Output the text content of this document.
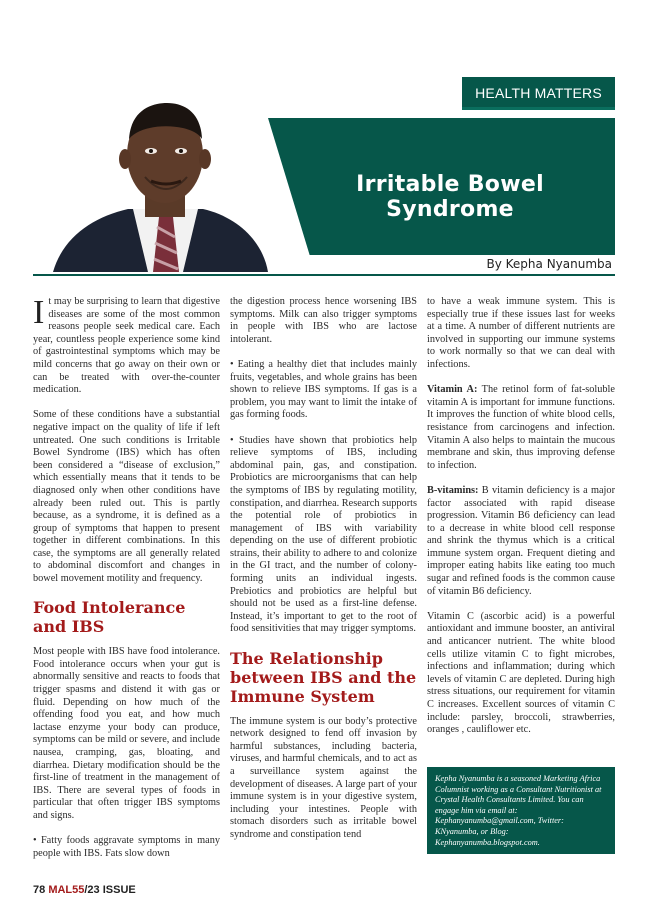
HEALTH MATTERS
Irritable Bowel Syndrome
By Kepha Nyanumba

It may be surprising to learn that digestive diseases are some of the most common reasons people seek medical care. Each year, countless people experience some kind of gastrointestinal symptoms which may be mild concerns that go away on their own or can be treated with over-the-counter medication.

Some of these conditions have a substantial negative impact on the quality of life if left untreated. One such conditions is Irritable Bowel Syndrome (IBS) which has often been considered a “disease of exclusion,” which essentially means that it tends to be diagnosed only when other conditions have already been ruled out. This is partly because, as a syndrome, it is defined as a group of symptoms that happen to present together in different combinations. In this case, the symptoms are all generally related to abdominal discomfort and changes in bowel movement motility and frequency.

Food Intolerance and IBS

Most people with IBS have food intolerance. Food intolerance occurs when your gut is abnormally sensitive and reacts to foods that trigger spasms and distend it with gas or fluid. Depending on how much of the offending food you eat, and how much lactase enzyme your body can produce, symptoms can be mild or severe, and include nausea, cramping, gas, bloating, and diarrhea. Dietary modification should be the first-line of treatment in the management of IBS. There are several types of foods in particular that often trigger IBS symptoms and signs.

• Fatty foods aggravate symptoms in many people with IBS. Fats slow down

the digestion process hence worsening IBS symptoms. Milk can also trigger symptoms in people with IBS who are lactose intolerant.

• Eating a healthy diet that includes mainly fruits, vegetables, and whole grains has been shown to relieve IBS symptoms. If gas is a problem, you may want to limit the intake of gas forming foods.

• Studies have shown that probiotics help relieve symptoms of IBS, including abdominal pain, gas, and constipation. Probiotics are microorganisms that can help the symptoms of IBS by regulating motility, constipation, and diarrhea. Research supports the potential role of probiotics in management of IBS with variability depending on the use of different probiotic strains, their ability to adhere to and colonize in the GI tract, and the number of colony-forming units an individual ingests. Prebiotics and probiotics are helpful but should not be used as a first-line defense. Instead, it’s important to get to the root of food sensitivities that may trigger symptoms.

The Relationship between IBS and the Immune System

The immune system is our body’s protective network designed to fend off invasion by harmful substances, including bacteria, viruses, and harmful chemicals, and to act as a surveillance system against the development of diseases. A large part of your immune system is in your digestive system, including your intestines. People with stomach disorders such as irritable bowel syndrome and constipation tend

to have a weak immune system. This is especially true if these issues last for weeks at a time. A number of different nutrients are involved in supporting our immune systems to work normally so that we can deal with infections.

Vitamin A: The retinol form of fat-soluble vitamin A is important for immune functions. It improves the function of white blood cells, resistance from carcinogens and infection. Vitamin A also helps to maintain the mucous membrane and skin, thus improving defense to infection.

B-vitamins: B vitamin deficiency is a major factor associated with rapid disease progression. Vitamin B6 deficiency can lead to a decrease in white blood cell response and shrink the thymus which is a critical immune system organ. Frequent dieting and improper eating habits like eating too much sugar and refined foods is the common cause of vitamin B6 deficiency.

Vitamin C (ascorbic acid) is a powerful antioxidant and immune booster, an antiviral and anticancer nutrient. The white blood cells utilize vitamin C to fight microbes, infections and inflammation; during which levels of vitamin C are depleted. During high stress situations, our requirement for vitamin C increases. Excellent sources of vitamin C include: parsley, broccoli, strawberries, oranges , cauliflower etc.

Kepha Nyanumba is a seasoned Marketing Africa Columnist working as a Consultant Nutritionist at Crystal Health Consultants Limited. You can engage him via email at: Kephanyanumba@gmail.com, Twitter: KNyanumba, or Blog: Kephanyanumba.blogspot.com.
78 MAL55/23 ISSUE
